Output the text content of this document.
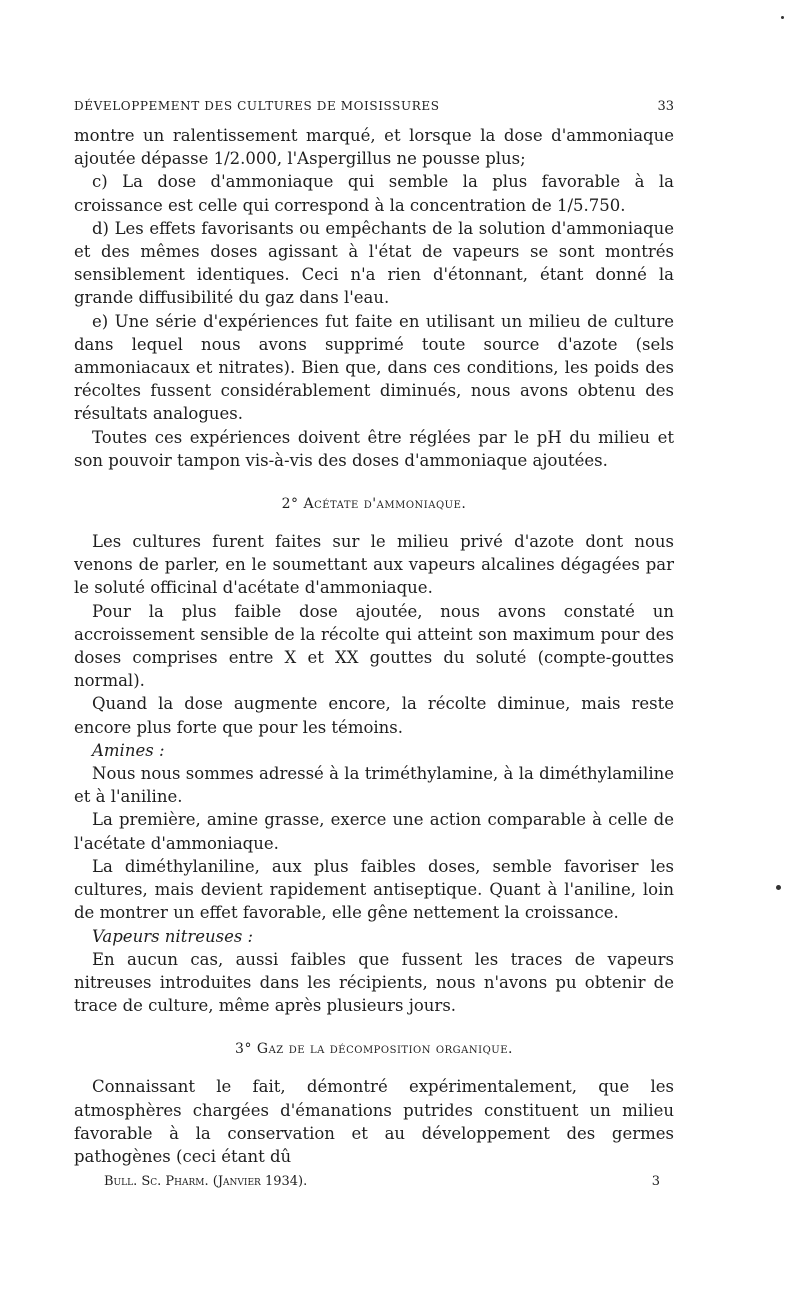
DÉVELOPPEMENT DES CULTURES DE MOISISSURES	33

montre un ralentissement marqué, et lorsque la dose d'ammoniaque ajoutée dépasse 1/2.000, l'Aspergillus ne pousse plus;

c) La dose d'ammoniaque qui semble la plus favorable à la croissance est celle qui correspond à la concentration de 1/5.750.

d) Les effets favorisants ou empêchants de la solution d'ammoniaque et des mêmes doses agissant à l'état de vapeurs se sont montrés sensiblement identiques. Ceci n'a rien d'étonnant, étant donné la grande diffusibilité du gaz dans l'eau.

e) Une série d'expériences fut faite en utilisant un milieu de culture dans lequel nous avons supprimé toute source d'azote (sels ammoniacaux et nitrates). Bien que, dans ces conditions, les poids des récoltes fussent considérablement diminués, nous avons obtenu des résultats analogues.

Toutes ces expériences doivent être réglées par le pH du milieu et son pouvoir tampon vis-à-vis des doses d'ammoniaque ajoutées.

2° Acétate d'ammoniaque.

Les cultures furent faites sur le milieu privé d'azote dont nous venons de parler, en le soumettant aux vapeurs alcalines dégagées par le soluté officinal d'acétate d'ammoniaque.

Pour la plus faible dose ajoutée, nous avons constaté un accroissement sensible de la récolte qui atteint son maximum pour des doses comprises entre X et XX gouttes du soluté (compte-gouttes normal).

Quand la dose augmente encore, la récolte diminue, mais reste encore plus forte que pour les témoins.

Amines :

Nous nous sommes adressé à la triméthylamine, à la diméthylamiline et à l'aniline.

La première, amine grasse, exerce une action comparable à celle de l'acétate d'ammoniaque.

La diméthylaniline, aux plus faibles doses, semble favoriser les cultures, mais devient rapidement antiseptique. Quant à l'aniline, loin de montrer un effet favorable, elle gêne nettement la croissance.

Vapeurs nitreuses :

En aucun cas, aussi faibles que fussent les traces de vapeurs nitreuses introduites dans les récipients, nous n'avons pu obtenir de trace de culture, même après plusieurs jours.

3° Gaz de la décomposition organique.

Connaissant le fait, démontré expérimentalement, que les atmosphères chargées d'émanations putrides constituent un milieu favorable à la conservation et au développement des germes pathogènes (ceci étant dû

Bull. Sc. Pharm. (Janvier 1934).	3
